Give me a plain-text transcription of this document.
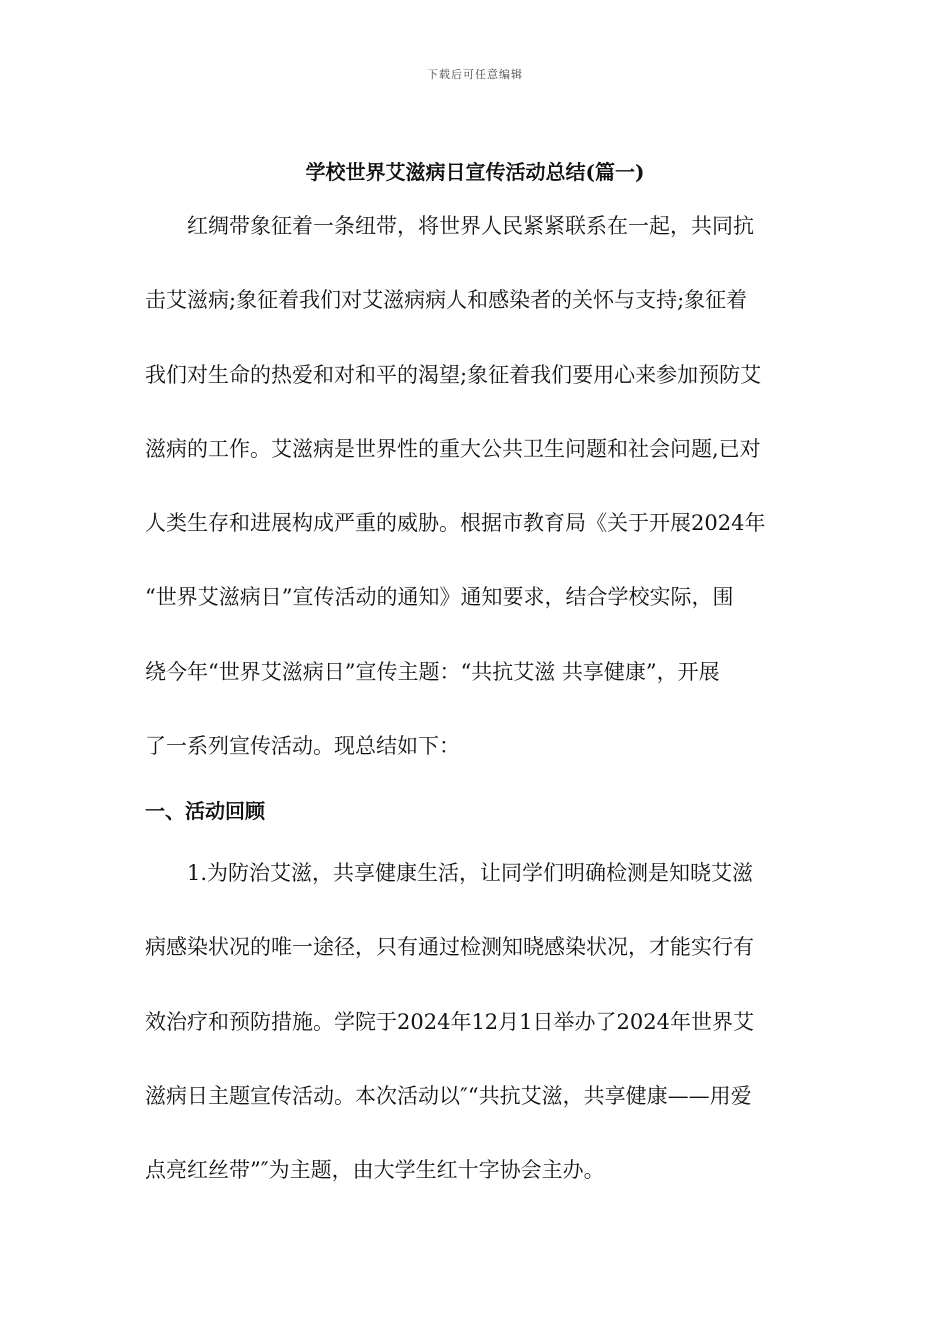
下载后可任意编辑
学校世界艾滋病日宣传活动总结(篇一)
红绸带象征着一条纽带，将世界人民紧紧联系在一起，共同抗
击艾滋病;象征着我们对艾滋病病人和感染者的关怀与支持;象征着
我们对生命的热爱和对和平的渴望;象征着我们要用心来参加预防艾
滋病的工作。艾滋病是世界性的重大公共卫生问题和社会问题,已对
人类生存和进展构成严重的威胁。根据市教育局《关于开展2024年
“世界艾滋病日”宣传活动的通知》通知要求，结合学校实际，围
绕今年“世界艾滋病日”宣传主题：“共抗艾滋 共享健康”，开展
了一系列宣传活动。现总结如下：
一、活动回顾
1.为防治艾滋，共享健康生活，让同学们明确检测是知晓艾滋
病感染状况的唯一途径，只有通过检测知晓感染状况，才能实行有
效治疗和预防措施。学院于2024年12月1日举办了2024年世界艾
滋病日主题宣传活动。本次活动以″“共抗艾滋，共享健康——用爱
点亮红丝带”″为主题，由大学生红十字协会主办。
